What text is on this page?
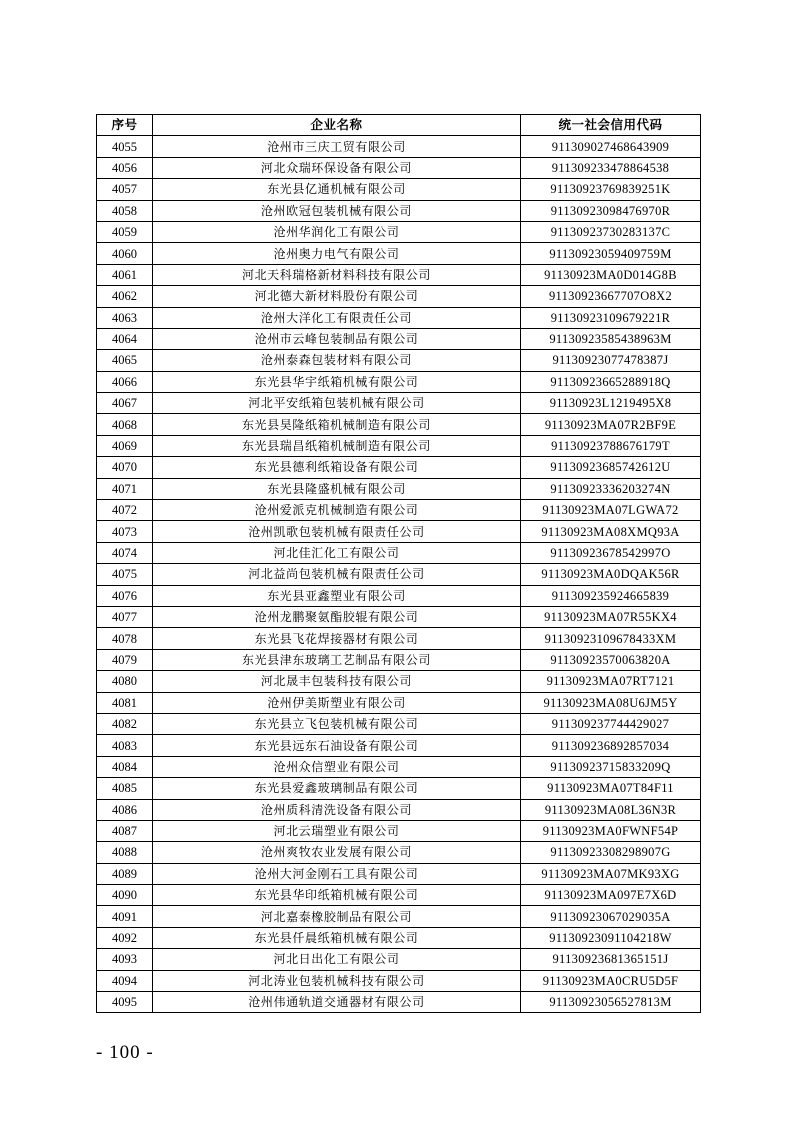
序号	企业名称	统一社会信用代码
4055	沧州市三庆工贸有限公司	91130902746864390​9
4056	河北众瑞环保设备有限公司	911309233478864538
4057	东光县亿通机械有限公司	91130923769839251K
4058	沧州欧冠包装机械有限公司	91130923098476970R
4059	沧州华润化工有限公司	91130923730283137C
4060	沧州奥力电气有限公司	91130923059409759M
4061	河北天科瑞格新材料科技有限公司	91130923MA0D014G8B
4062	河北德大新材料股份有限公司	91130923667707O8X2
4063	沧州大洋化工有限责任公司	91130923109679221R
4064	沧州市云峰包装制品有限公司	91130923585438963M
4065	沧州泰森包装材料有限公司	91130923077478387J
4066	东光县华宇纸箱机械有限公司	91130923665288918Q
4067	河北平安纸箱包装机械有限公司	91130923L1219495X8
4068	东光县昊隆纸箱机械制造有限公司	91130923MA07R2BF9E
4069	东光县瑞昌纸箱机械制造有限公司	91130923788676179T
4070	东光县德利纸箱设备有限公司	91130923685742612U
4071	东光县隆盛机械有限公司	91130923336203274N
4072	沧州爱派克机械制造有限公司	91130923MA07LGWA72
4073	沧州凯歌包装机械有限责任公司	91130923MA08XMQ93A
4074	河北佳汇化工有限公司	91130923678542997O
4075	河北益尚包装机械有限责任公司	91130923MA0DQAK56R
4076	东光县亚鑫塑业有限公司	911309235924665839
4077	沧州龙鹏聚氨酯胶辊有限公司	91130923MA07R55KX4
4078	东光县飞花焊接器材有限公司	91130923109678433XM
4079	东光县津东玻璃工艺制品有限公司	91130923570063820A
4080	河北晟丰包装科技有限公司	91130923MA07RT7121
4081	沧州伊美斯塑业有限公司	91130923MA08U6JM5Y
4082	东光县立飞包装机械有限公司	91130923774442902​7
4083	东光县远东石油设备有限公司	911309236892857034
4084	沧州众信塑业有限公司	91130923715833209Q
4085	东光县爱鑫玻璃制品有限公司	91130923MA07T84F11
4086	沧州质科清洗设备有限公司	91130923MA08L36N3R
4087	河北云瑞塑业有限公司	91130923MA0FWNF54P
4088	沧州爽牧农业发展有限公司	91130923308298907G
4089	沧州大河金刚石工具有限公司	91130923MA07MK93XG
4090	东光县华印纸箱机械有限公司	91130923MA097E7X6D
4091	河北嘉泰橡胶制品有限公司	91130923067029035A
4092	东光县仟晨纸箱机械有限公司	91130923091104218W
4093	河北日出化工有限公司	91130923681365151J
4094	河北涛业包装机械科技有限公司	91130923MA0CRU5D5F
4095	沧州伟通轨道交通器材有限公司	91130923056527813M
- 100 -
